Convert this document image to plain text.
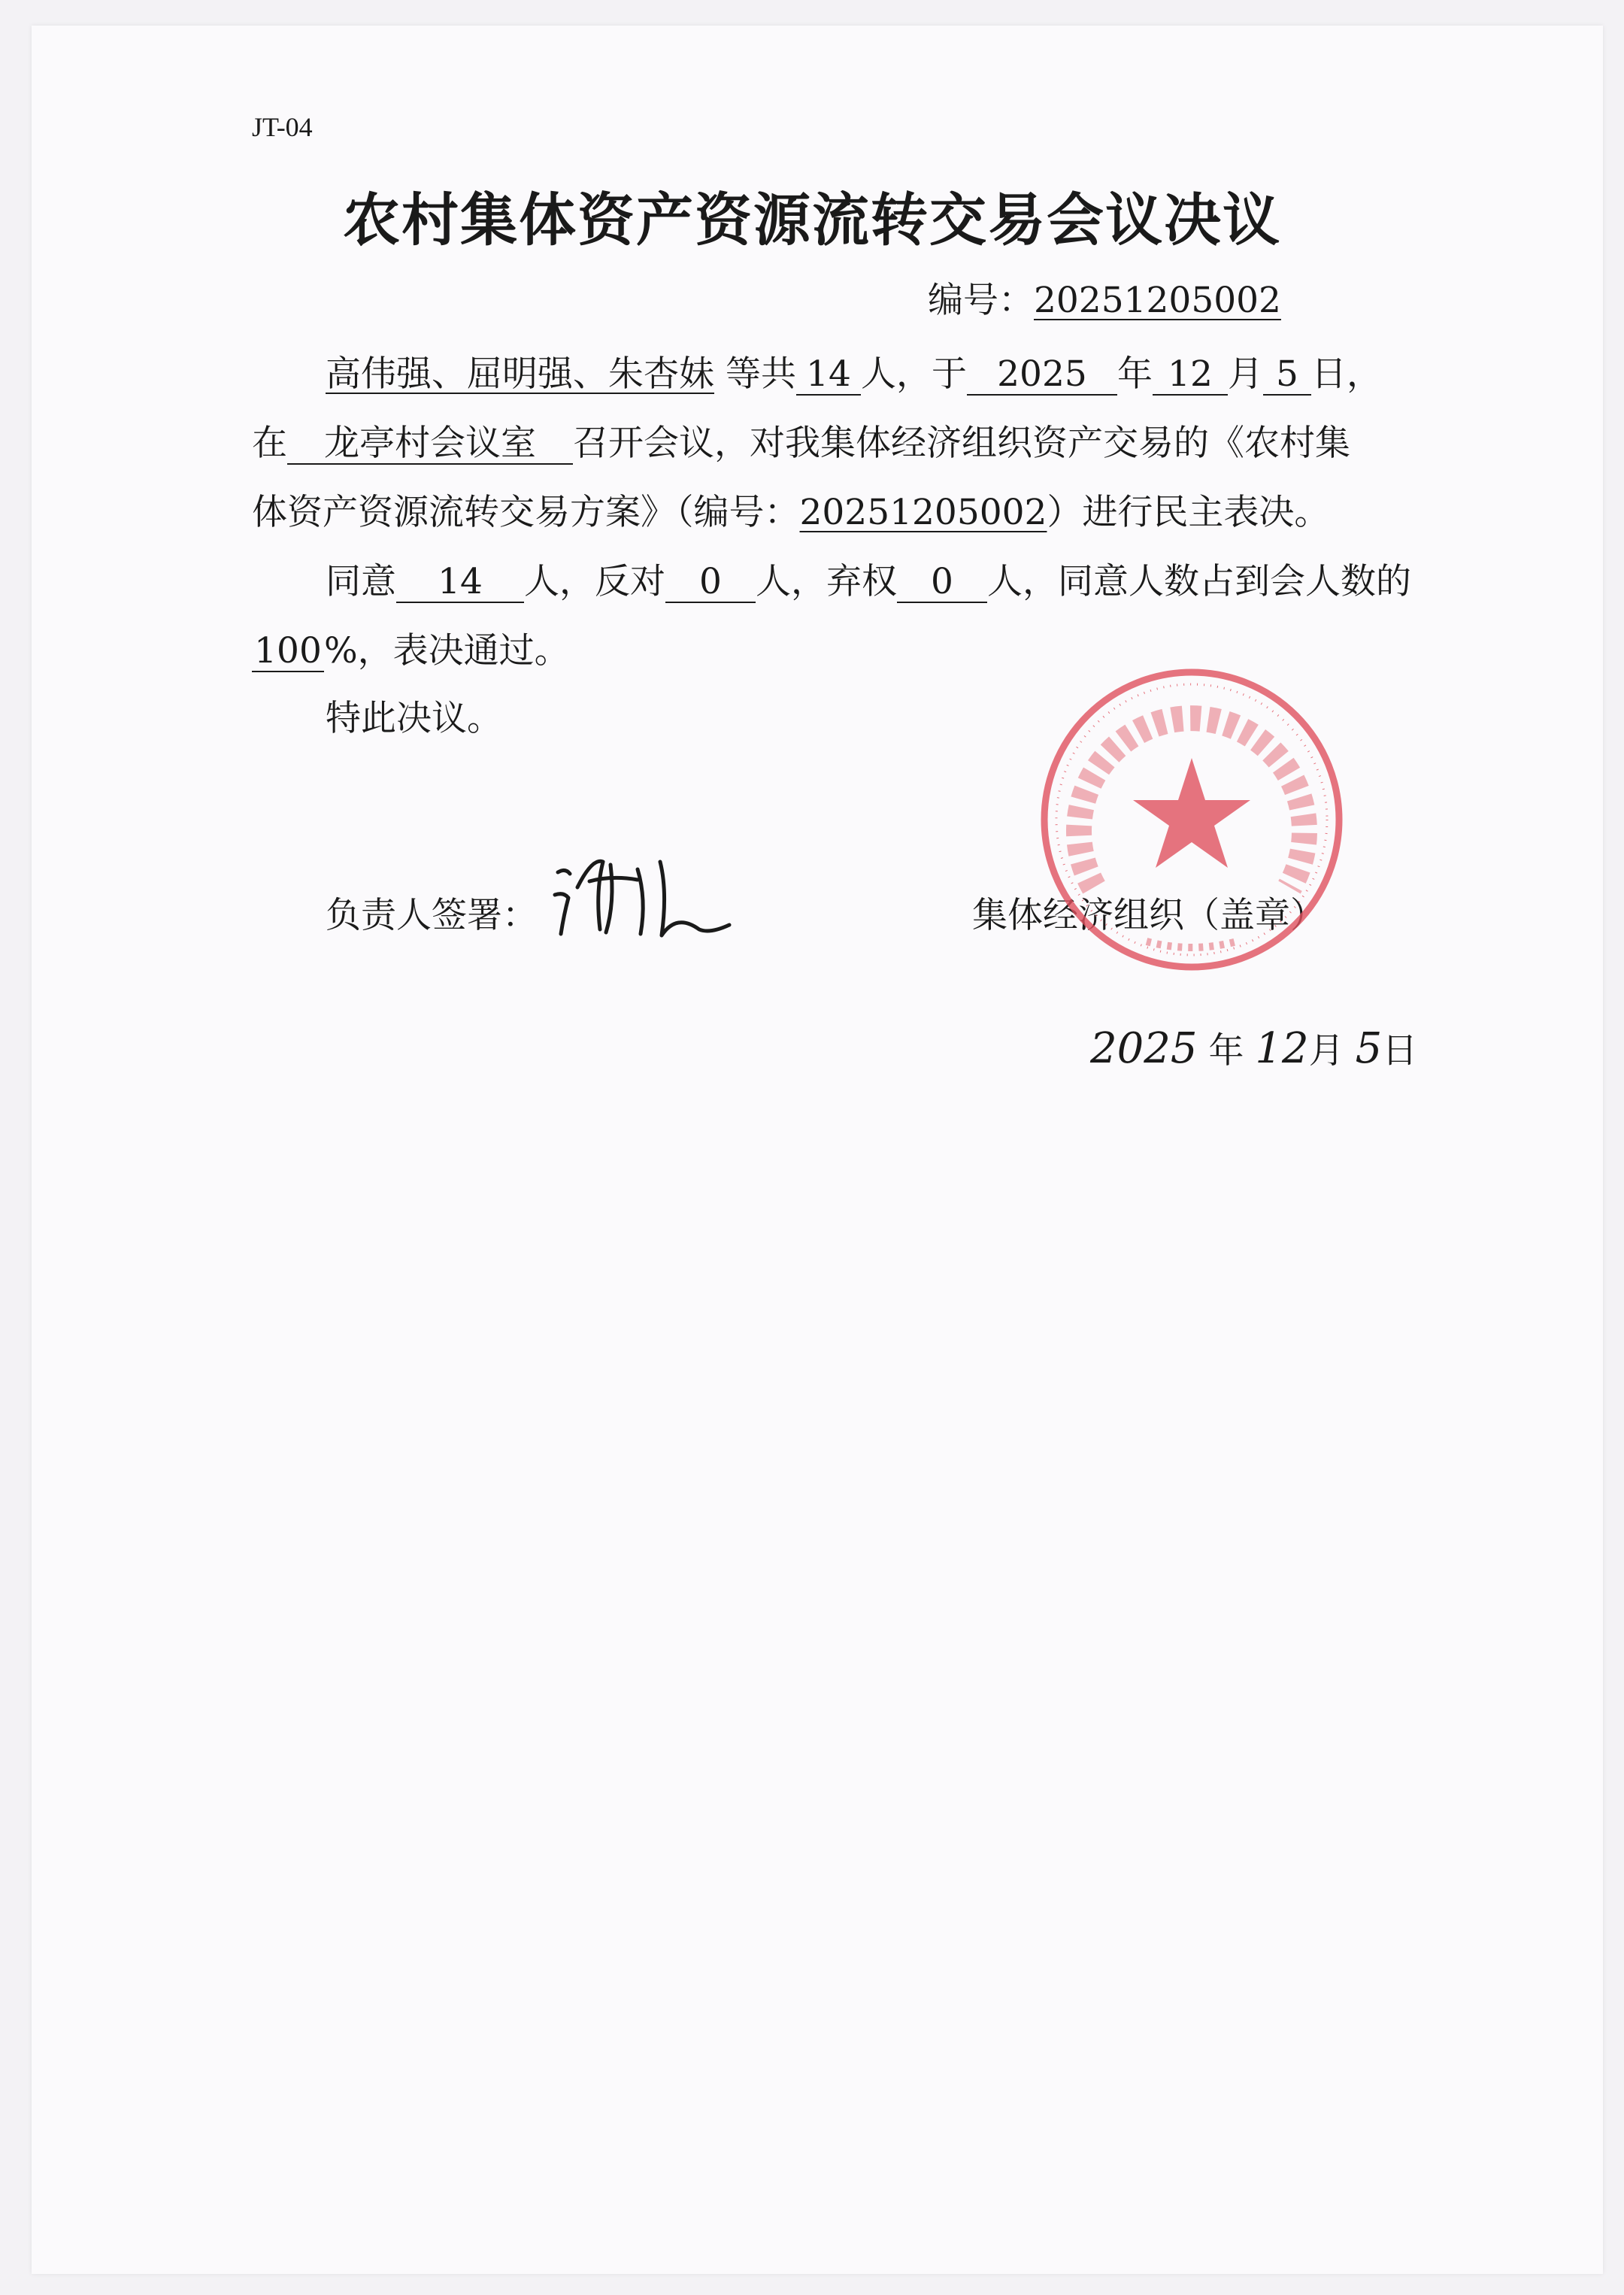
JT-04
农村集体资产资源流转交易会议决议
编号：20251205002
高伟强、屈明强、朱杏妹 等共 14 人，于 2025 年 12 月 5 日，
在 龙亭村会议室 召开会议，对我集体经济组织资产交易的《农村集
体资产资源流转交易方案》（编号：20251205002）进行民主表决。
同意 14 人，反对 0 人，弃权 0 人，同意人数占到会人数的
100%，表决通过。
特此决议。
负责人签署：	集体经济组织（盖章）
2025 年 12月 5日
